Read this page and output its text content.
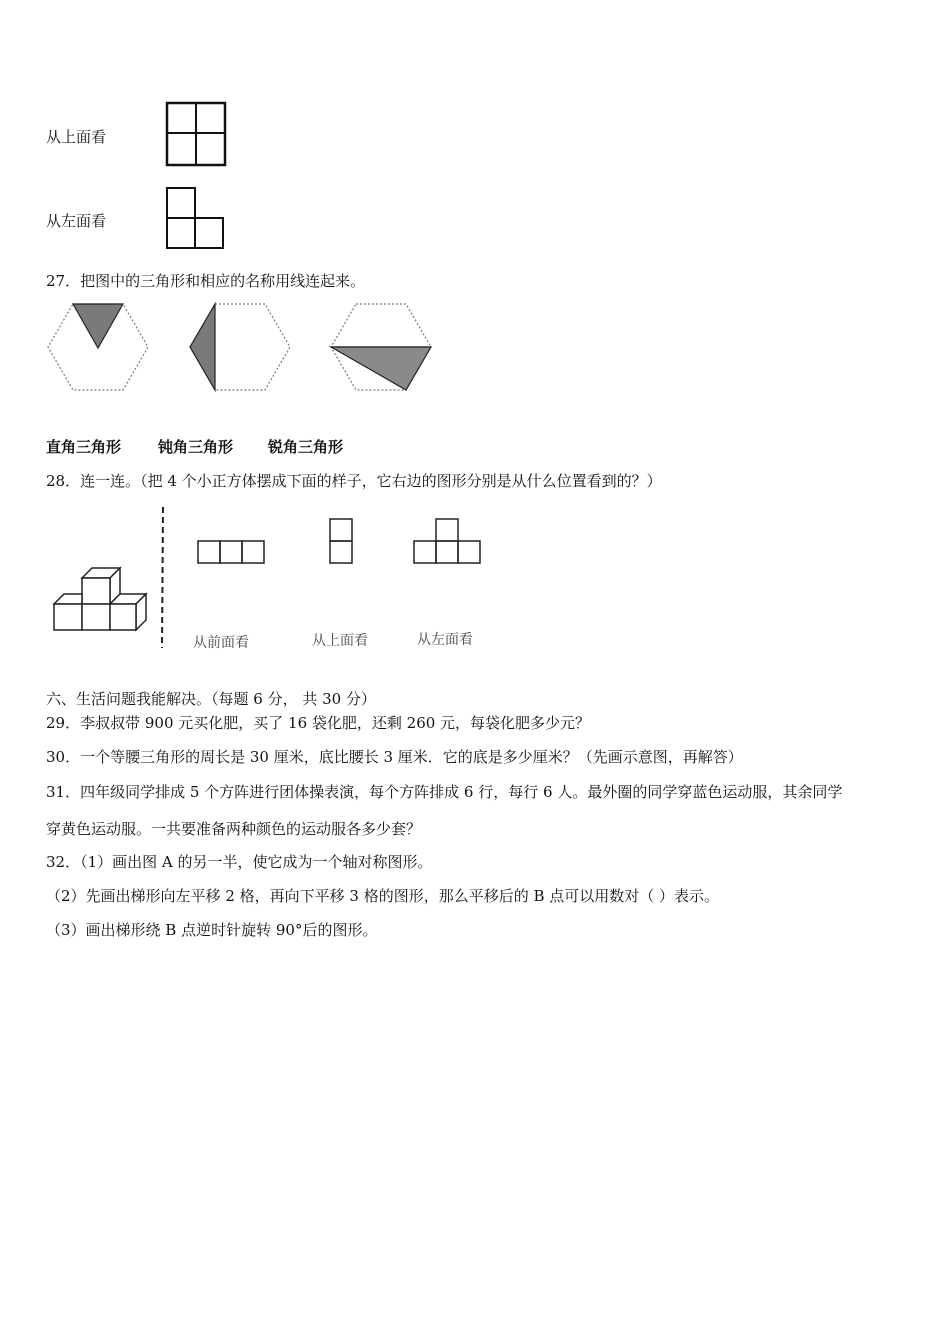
从上面看
从左面看
27．把图中的三角形和相应的名称用线连起来。
直角三角形 钝角三角形 锐角三角形
28．连一连。（把 4 个小正方体摆成下面的样子，它右边的图形分别是从什么位置看到的？）
从前面看	从上面看	从左面看
六、生活问题我能解决。（每题 6 分， 共 30 分）
29．李叔叔带 900 元买化肥，买了 16 袋化肥，还剩 260 元，每袋化肥多少元？
30．一个等腰三角形的周长是 30 厘米，底比腰长 3 厘米．它的底是多少厘米？（先画示意图，再解答）
31．四年级同学排成 5 个方阵进行团体操表演，每个方阵排成 6 行，每行 6 人。最外圈的同学穿蓝色运动服，其余同学
穿黄色运动服。一共要准备两种颜色的运动服各多少套？
32．（1）画出图 A 的另一半，使它成为一个轴对称图形。
（2）先画出梯形向左平移 2 格，再向下平移 3 格的图形，那么平移后的 B 点可以用数对（ ）表示。
（3）画出梯形绕 B 点逆时针旋转 90°后的图形。
